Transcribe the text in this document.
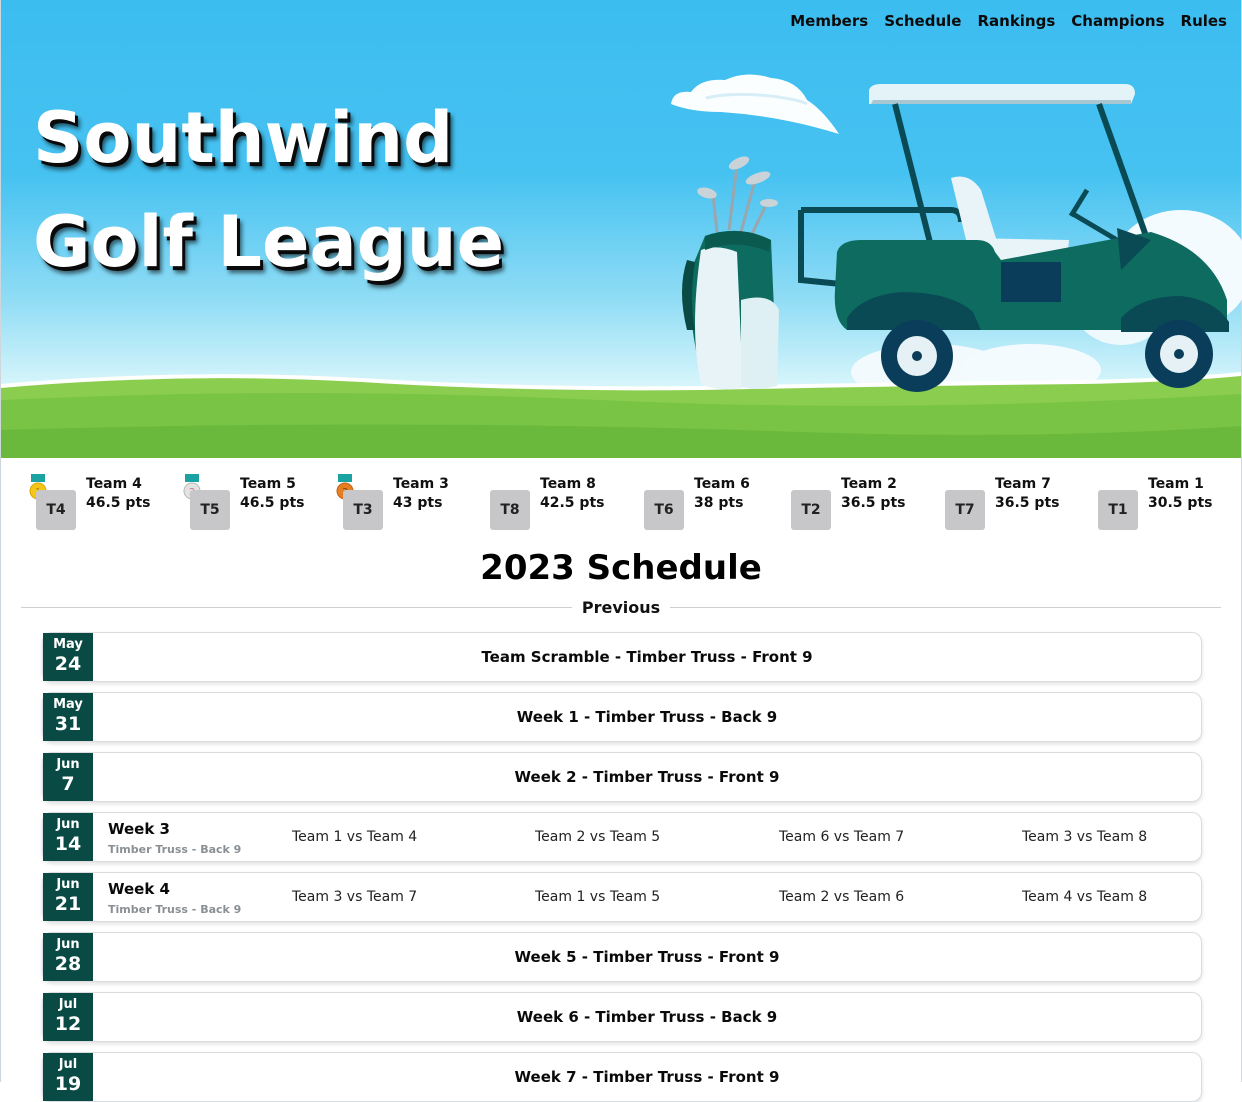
Members Schedule Rankings Champions Rules
Southwind
Golf League
T4
Team 4
46.5 pts	T5
Team 5
46.5 pts	T3
Team 3
43 pts	T8
Team 8
42.5 pts	T6
Team 6
38 pts	T2
Team 2
36.5 pts	T7
Team 7
36.5 pts	T1
Team 1
30.5 pts
2023 Schedule
Previous
May
24	Team Scramble - Timber Truss - Front 9
May
31	Week 1 - Timber Truss - Back 9
Jun
7	Week 2 - Timber Truss - Front 9
Jun
14
Week 3
Timber Truss - Back 9
Team 1 vs Team 4	Team 2 vs Team 5	Team 6 vs Team 7	Team 3 vs Team 8
Jun
21
Week 4
Timber Truss - Back 9
Team 3 vs Team 7	Team 1 vs Team 5	Team 2 vs Team 6	Team 4 vs Team 8
Jun
28	Week 5 - Timber Truss - Front 9
Jul
12	Week 6 - Timber Truss - Back 9
Jul
19	Week 7 - Timber Truss - Front 9
